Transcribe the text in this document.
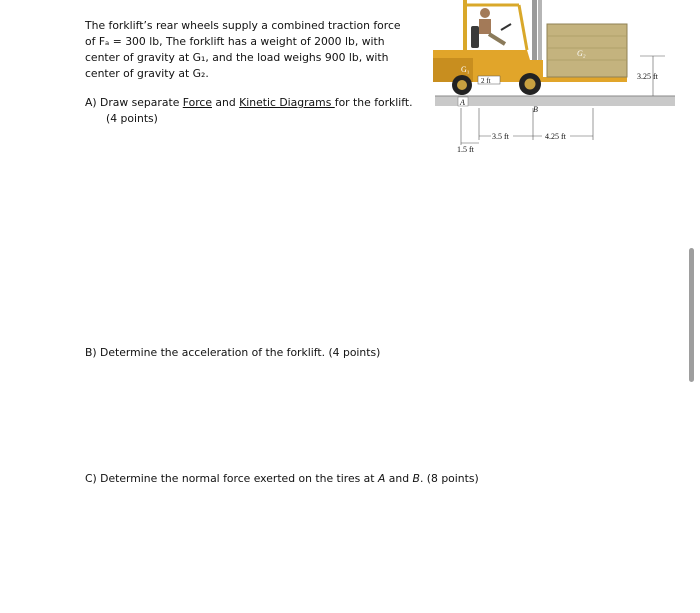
The forklift’s rear wheels supply a combined traction force
of Fₐ = 300 lb, The forklift has a weight of 2000 lb, with
center of gravity at G₁, and the load weighs 900 lb, with
center of gravity at G₂.
A) Draw separate Force and Kinetic Diagrams for the forklift.
(4 points)
B) Determine the acceleration of the forklift. (4 points)
C) Determine the normal force exerted on the tires at A and B. (8 points)
G₁
2 ft
G₂
3.25 ft
A
B
3.5 ft	4.25 ft
1.5 ft
